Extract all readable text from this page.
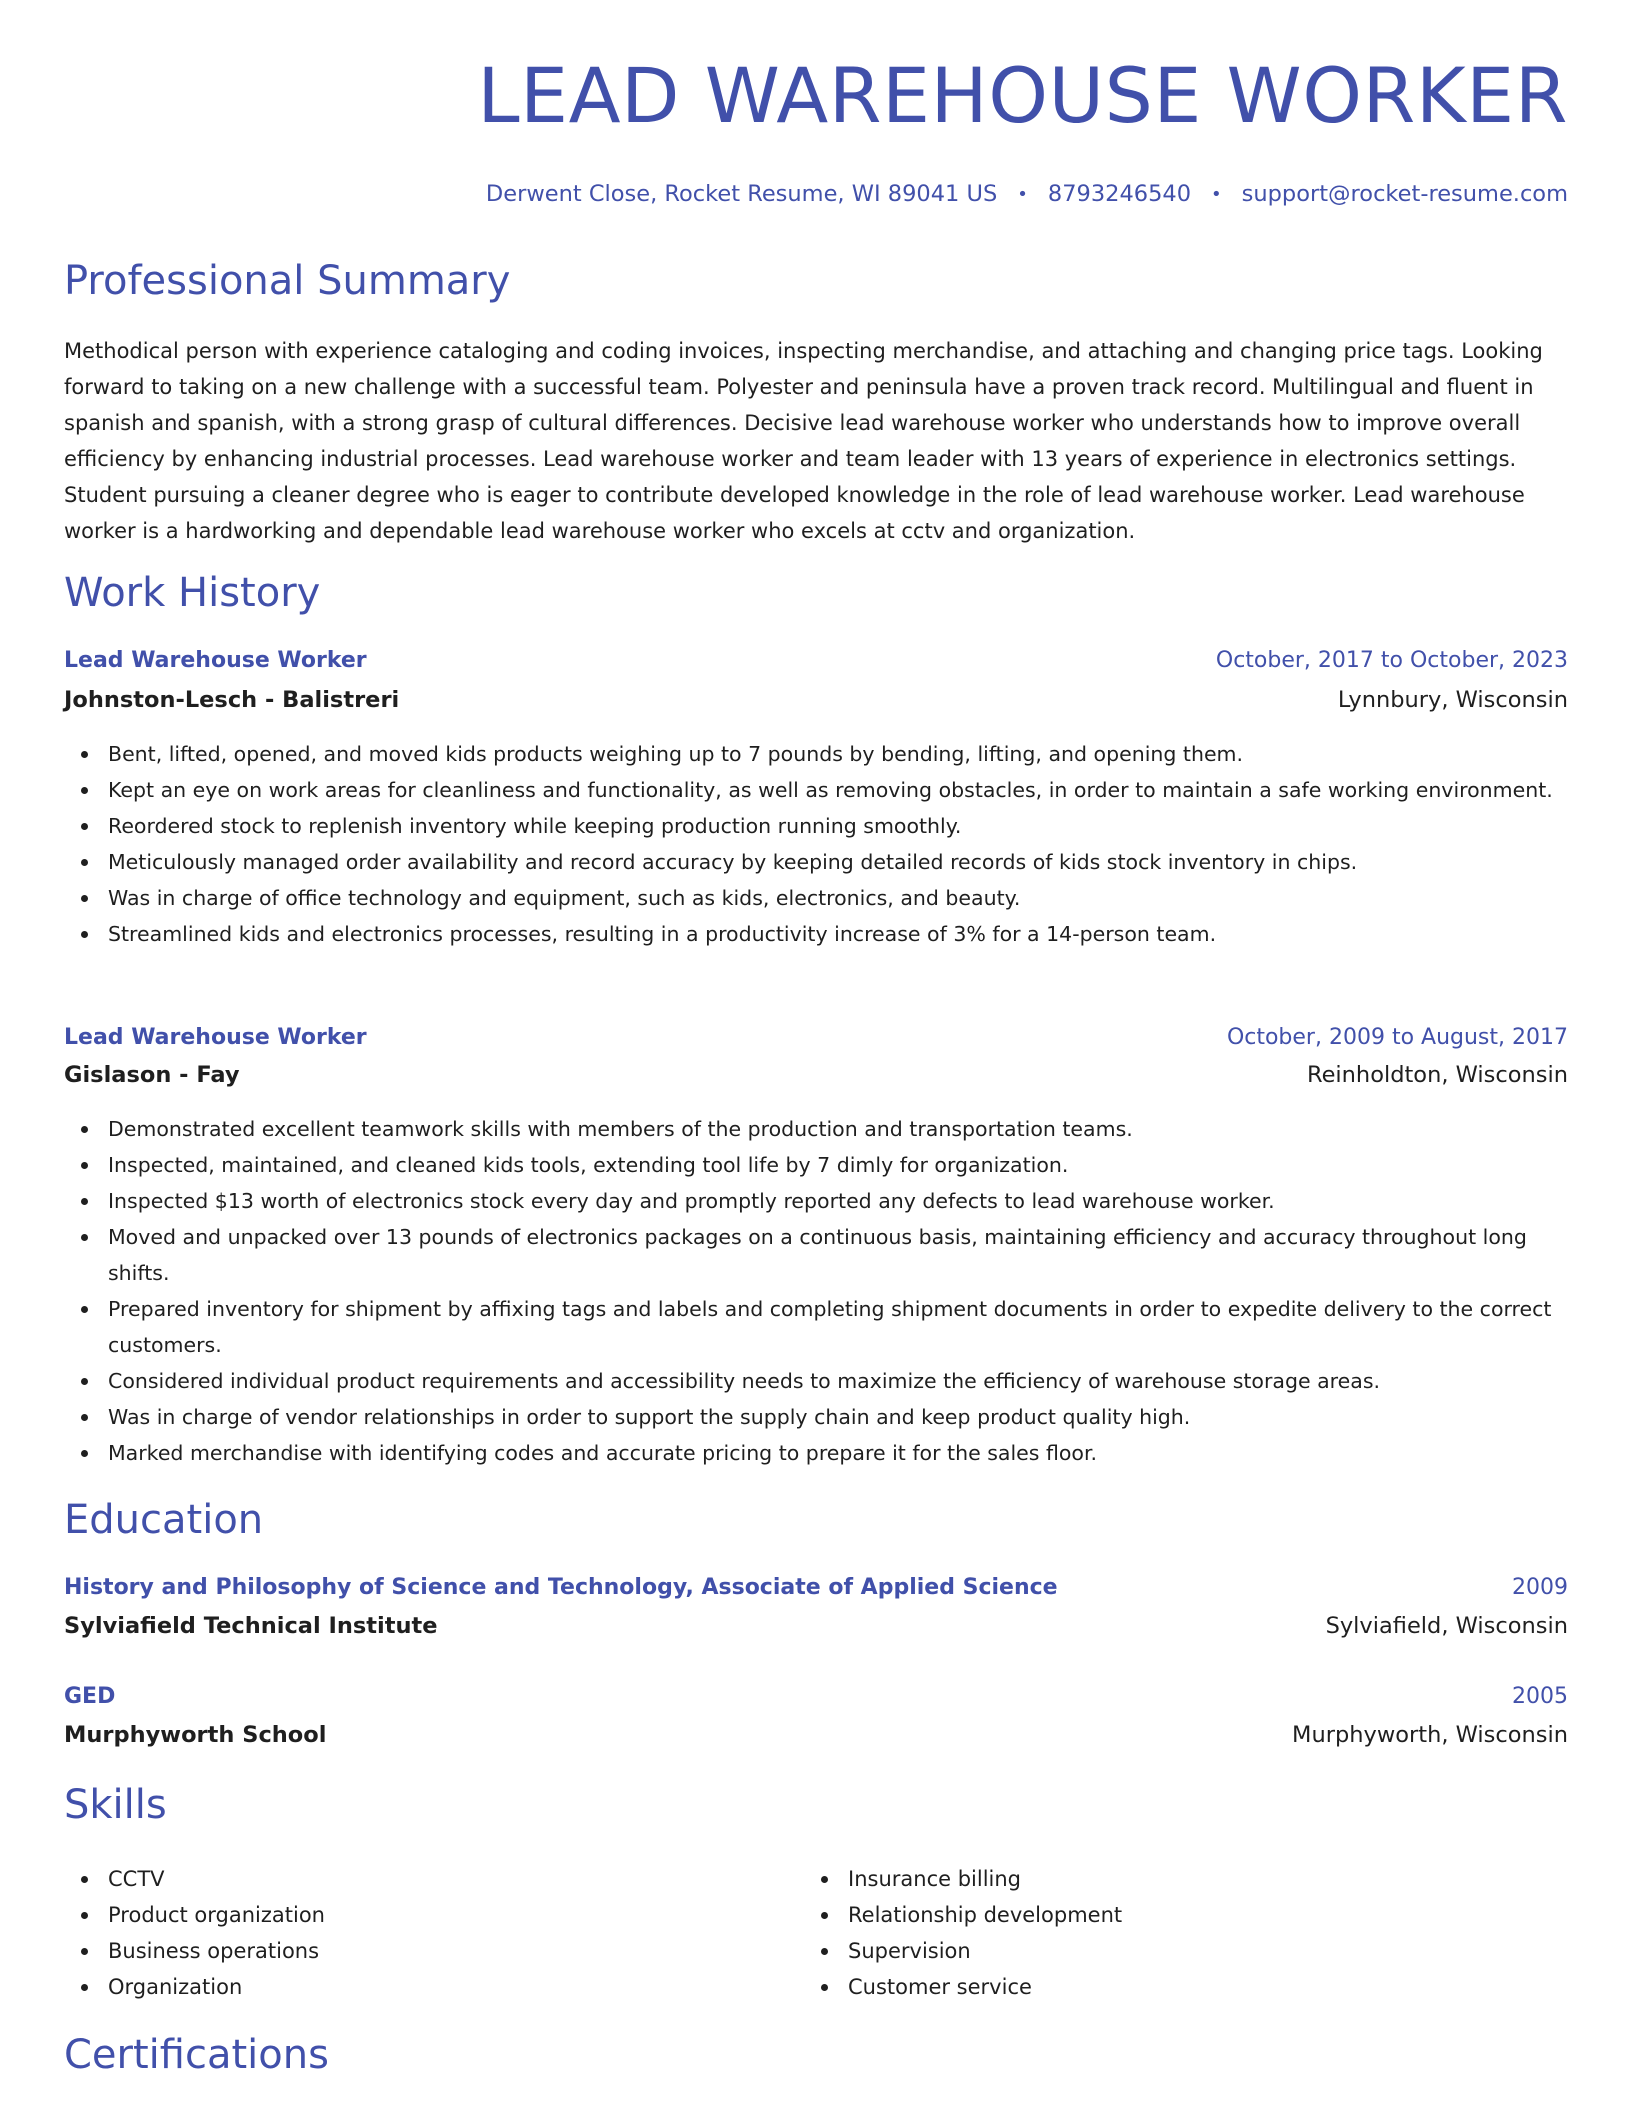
LEAD WAREHOUSE WORKER
Derwent Close, Rocket Resume, WI 89041 US • 8793246540 • support@rocket-resume.com
Professional Summary

Methodical person with experience cataloging and coding invoices, inspecting merchandise, and attaching and changing price tags. Looking forward to taking on a new challenge with a successful team. Polyester and peninsula have a proven track record. Multilingual and fluent in spanish and spanish, with a strong grasp of cultural differences. Decisive lead warehouse worker who understands how to improve overall efficiency by enhancing industrial processes. Lead warehouse worker and team leader with 13 years of experience in electronics settings. Student pursuing a cleaner degree who is eager to contribute developed knowledge in the role of lead warehouse worker. Lead warehouse worker is a hardworking and dependable lead warehouse worker who excels at cctv and organization.

Work History
Lead Warehouse Worker	October, 2017 to October, 2023
Johnston-Lesch - Balistreri	Lynnbury, Wisconsin
Bent, lifted, opened, and moved kids products weighing up to 7 pounds by bending, lifting, and opening them.
Kept an eye on work areas for cleanliness and functionality, as well as removing obstacles, in order to maintain a safe working environment.
Reordered stock to replenish inventory while keeping production running smoothly.
Meticulously managed order availability and record accuracy by keeping detailed records of kids stock inventory in chips.
Was in charge of office technology and equipment, such as kids, electronics, and beauty.
Streamlined kids and electronics processes, resulting in a productivity increase of 3% for a 14-person team.
Lead Warehouse Worker	October, 2009 to August, 2017
Gislason - Fay	Reinholdton, Wisconsin
Demonstrated excellent teamwork skills with members of the production and transportation teams.
Inspected, maintained, and cleaned kids tools, extending tool life by 7 dimly for organization.
Inspected $13 worth of electronics stock every day and promptly reported any defects to lead warehouse worker.
Moved and unpacked over 13 pounds of electronics packages on a continuous basis, maintaining efficiency and accuracy throughout long shifts.
Prepared inventory for shipment by affixing tags and labels and completing shipment documents in order to expedite delivery to the correct customers.
Considered individual product requirements and accessibility needs to maximize the efficiency of warehouse storage areas.
Was in charge of vendor relationships in order to support the supply chain and keep product quality high.
Marked merchandise with identifying codes and accurate pricing to prepare it for the sales floor.
Education
History and Philosophy of Science and Technology, Associate of Applied Science	2009
Sylviafield Technical Institute	Sylviafield, Wisconsin
GED	2005
Murphyworth School	Murphyworth, Wisconsin
Skills
CCTV
Product organization
Business operations
Organization
Insurance billing
Relationship development
Supervision
Customer service
Certifications
